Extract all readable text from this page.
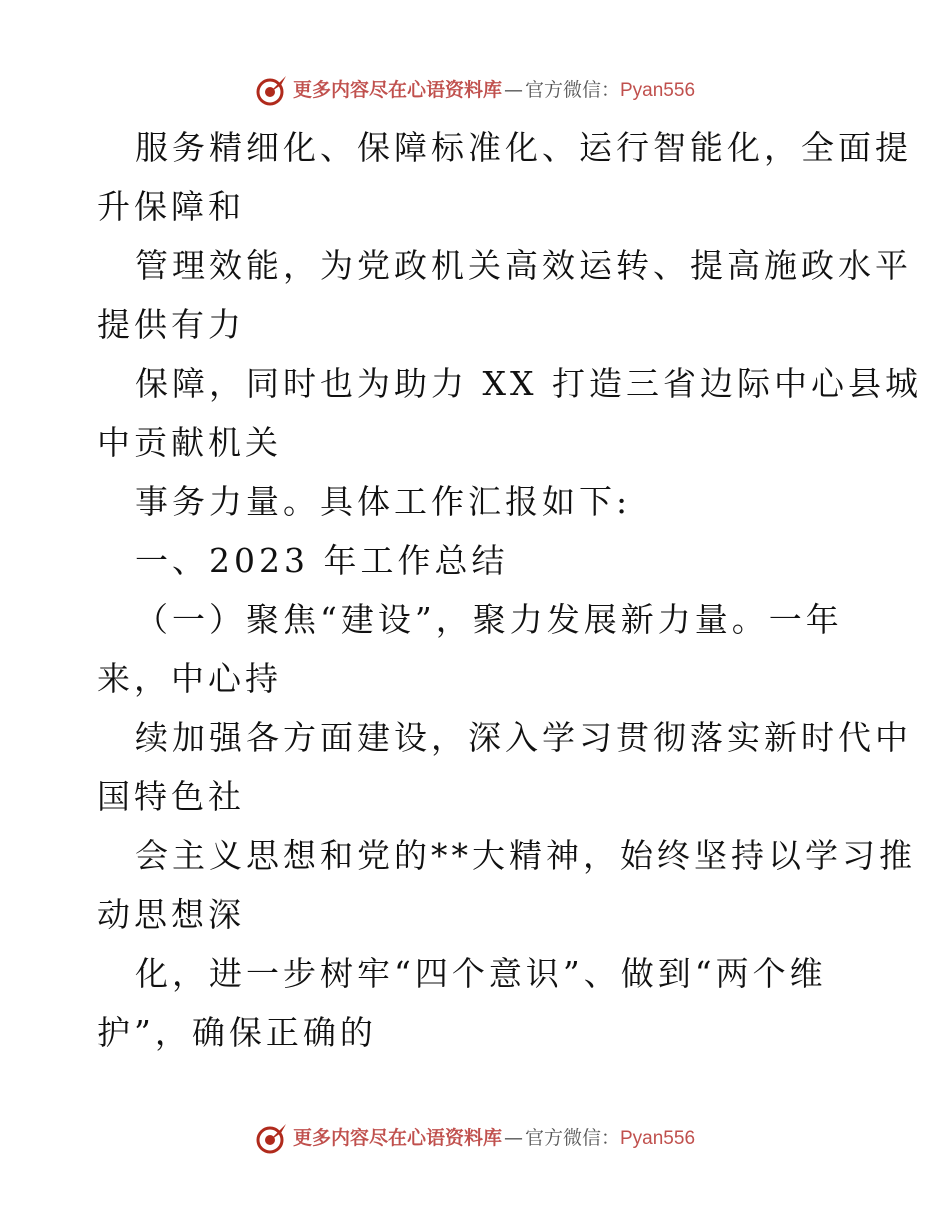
更多内容尽在心语资料库 — 官方微信： Pyan556

服务精细化、保障标准化、运行智能化，全面提

升保障和

管理效能，为党政机关高效运转、提高施政水平

提供有力

保障，同时也为助力 XX 打造三省边际中心县城

中贡献机关

事务力量。具体工作汇报如下:

一、2023 年工作总结

（一）聚焦“建设”，聚力发展新力量。一年

来，中心持

续加强各方面建设，深入学习贯彻落实新时代中

国特色社

会主义思想和党的**大精神，始终坚持以学习推

动思想深

化，进一步树牢“四个意识”、做到“两个维

护”，确保正确的

更多内容尽在心语资料库 — 官方微信： Pyan556
